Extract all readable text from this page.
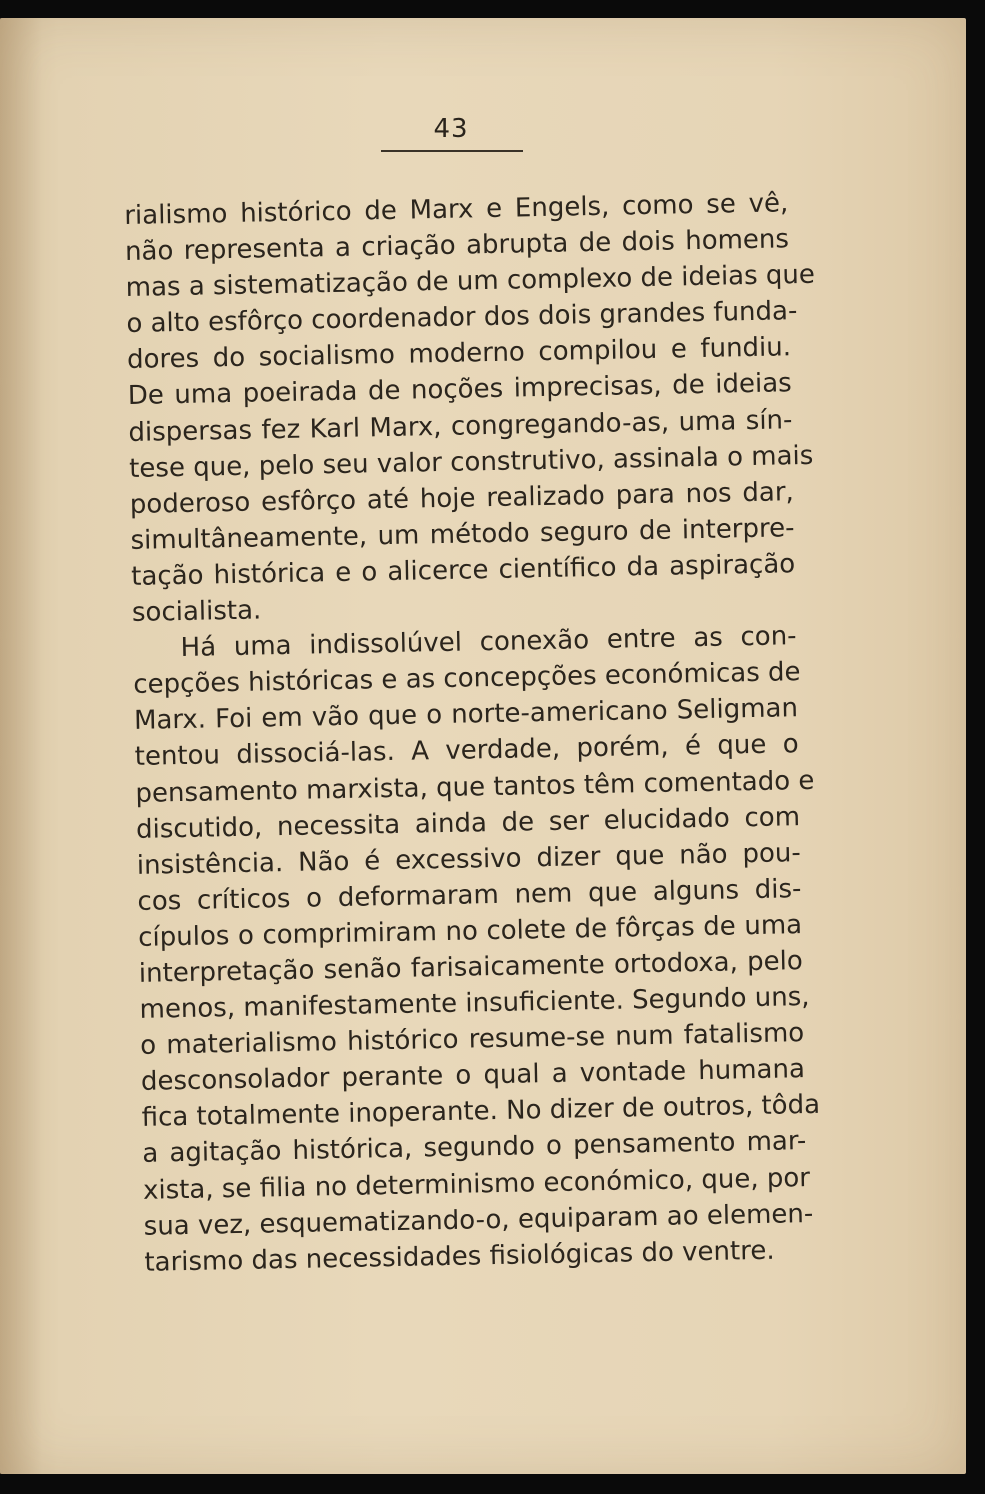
43
rialismo histórico de Marx e Engels, como se vê,
não representa a criação abrupta de dois homens
mas a sistematização de um complexo de ideias que
o alto esfôrço coordenador dos dois grandes funda-
dores do socialismo moderno compilou e fundiu.
De uma poeirada de noções imprecisas, de ideias
dispersas fez Karl Marx, congregando-as, uma sín-
tese que, pelo seu valor construtivo, assinala o mais
poderoso esfôrço até hoje realizado para nos dar,
simultâneamente, um método seguro de interpre-
tação histórica e o alicerce científico da aspiração
socialista.
Há uma indissolúvel conexão entre as con-
cepções históricas e as concepções económicas de
Marx. Foi em vão que o norte-americano Seligman
tentou dissociá-las. A verdade, porém, é que o
pensamento marxista, que tantos têm comentado e
discutido, necessita ainda de ser elucidado com
insistência. Não é excessivo dizer que não pou-
cos críticos o deformaram nem que alguns dis-
cípulos o comprimiram no colete de fôrças de uma
interpretação senão farisaicamente ortodoxa, pelo
menos, manifestamente insuficiente. Segundo uns,
o materialismo histórico resume-se num fatalismo
desconsolador perante o qual a vontade humana
fica totalmente inoperante. No dizer de outros, tôda
a agitação histórica, segundo o pensamento mar-
xista, se filia no determinismo económico, que, por
sua vez, esquematizando-o, equiparam ao elemen-
tarismo das necessidades fisiológicas do ventre.
